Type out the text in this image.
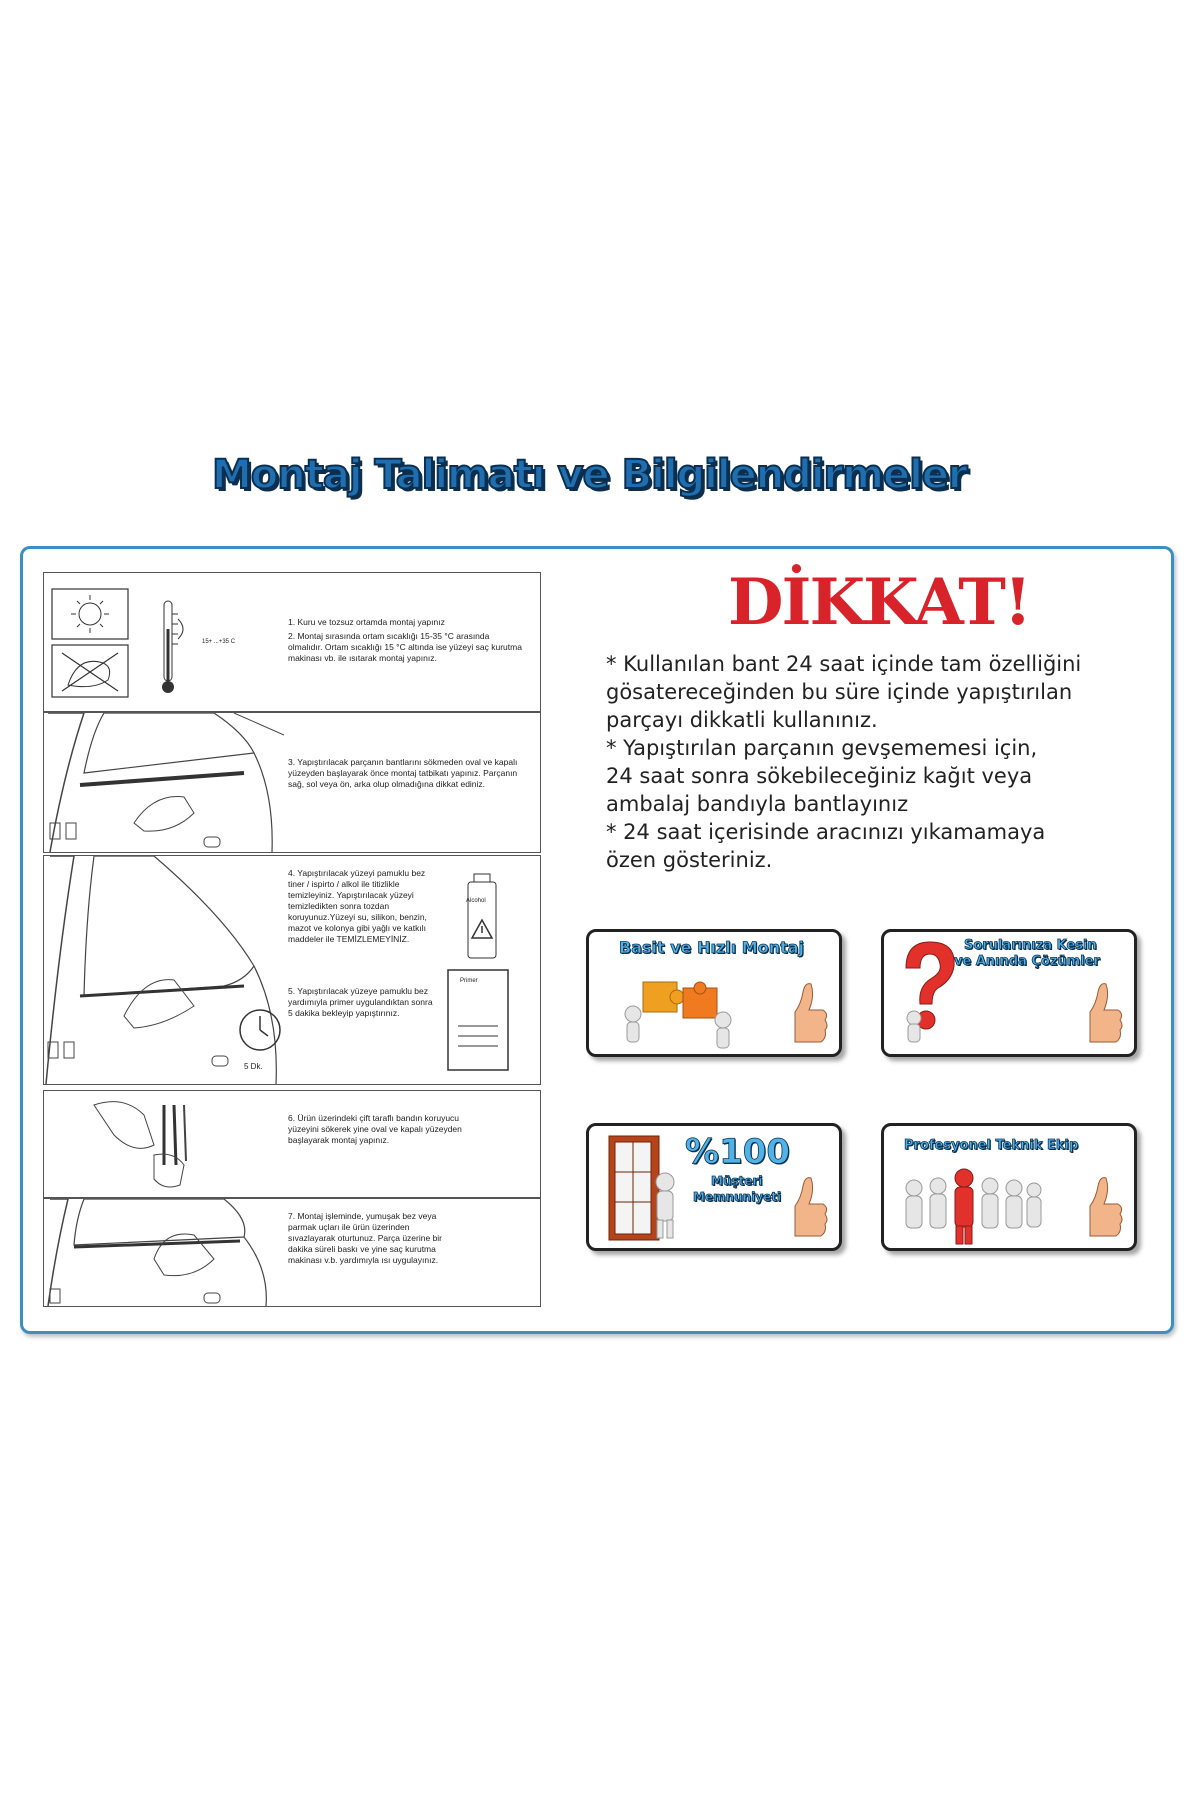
Montaj Talimatı ve Bilgilendirmeler
15+ ...+35 C
1. Kuru ve tozsuz ortamda montaj yapınız
2. Montaj sırasında ortam sıcaklığı 15-35 °C arasında olmalıdır. Ortam sıcaklığı 15 °C altında ise yüzeyi saç kurutma makinası vb. ile ısıtarak montaj yapınız.
3. Yapıştırılacak parçanın bantlarını sökmeden oval ve kapalı yüzeyden başlayarak önce montaj tatbikatı yapınız. Parçanın sağ, sol veya ön, arka olup olmadığına dikkat ediniz.
4. Yapıştırılacak yüzeyi pamuklu bez tiner / ispirto / alkol ile titizlikle temizleyiniz. Yapıştırılacak yüzeyi temizledikten sonra tozdan koruyunuz.Yüzeyi su, silikon, benzin, mazot ve kolonya gibi yağlı ve katkılı maddeler ile TEMİZLEMEYİNİZ.
Alcohol
5. Yapıştırılacak yüzeye pamuklu bez yardımıyla primer uygulandıktan sonra 5 dakika bekleyip yapıştırınız.
Primer
5 Dk.
6. Ürün üzerindeki çift taraflı bandın koruyucu yüzeyini sökerek yine oval ve kapalı yüzeyden başlayarak montaj yapınız.
7. Montaj işleminde, yumuşak bez veya parmak uçları ile ürün üzerinden sıvazlayarak oturtunuz. Parça üzerine bir dakika süreli baskı ve yine saç kurutma makinası v.b. yardımıyla ısı uygulayınız.
DİKKAT!
* Kullanılan bant 24 saat içinde tam özelliğini
gösatereceğinden bu süre içinde yapıştırılan
parçayı dikkatli kullanınız.
* Yapıştırılan parçanın gevşememesi için,
24 saat sonra sökebileceğiniz kağıt veya
ambalaj bandıyla bantlayınız
* 24 saat içerisinde aracınızı yıkamamaya
özen gösteriniz.
Basit ve Hızlı Montaj	Sorularınıza Kesin
ve Anında Çözümler
%100
Müşteri
Memnuniyeti
Profesyonel Teknik Ekip
